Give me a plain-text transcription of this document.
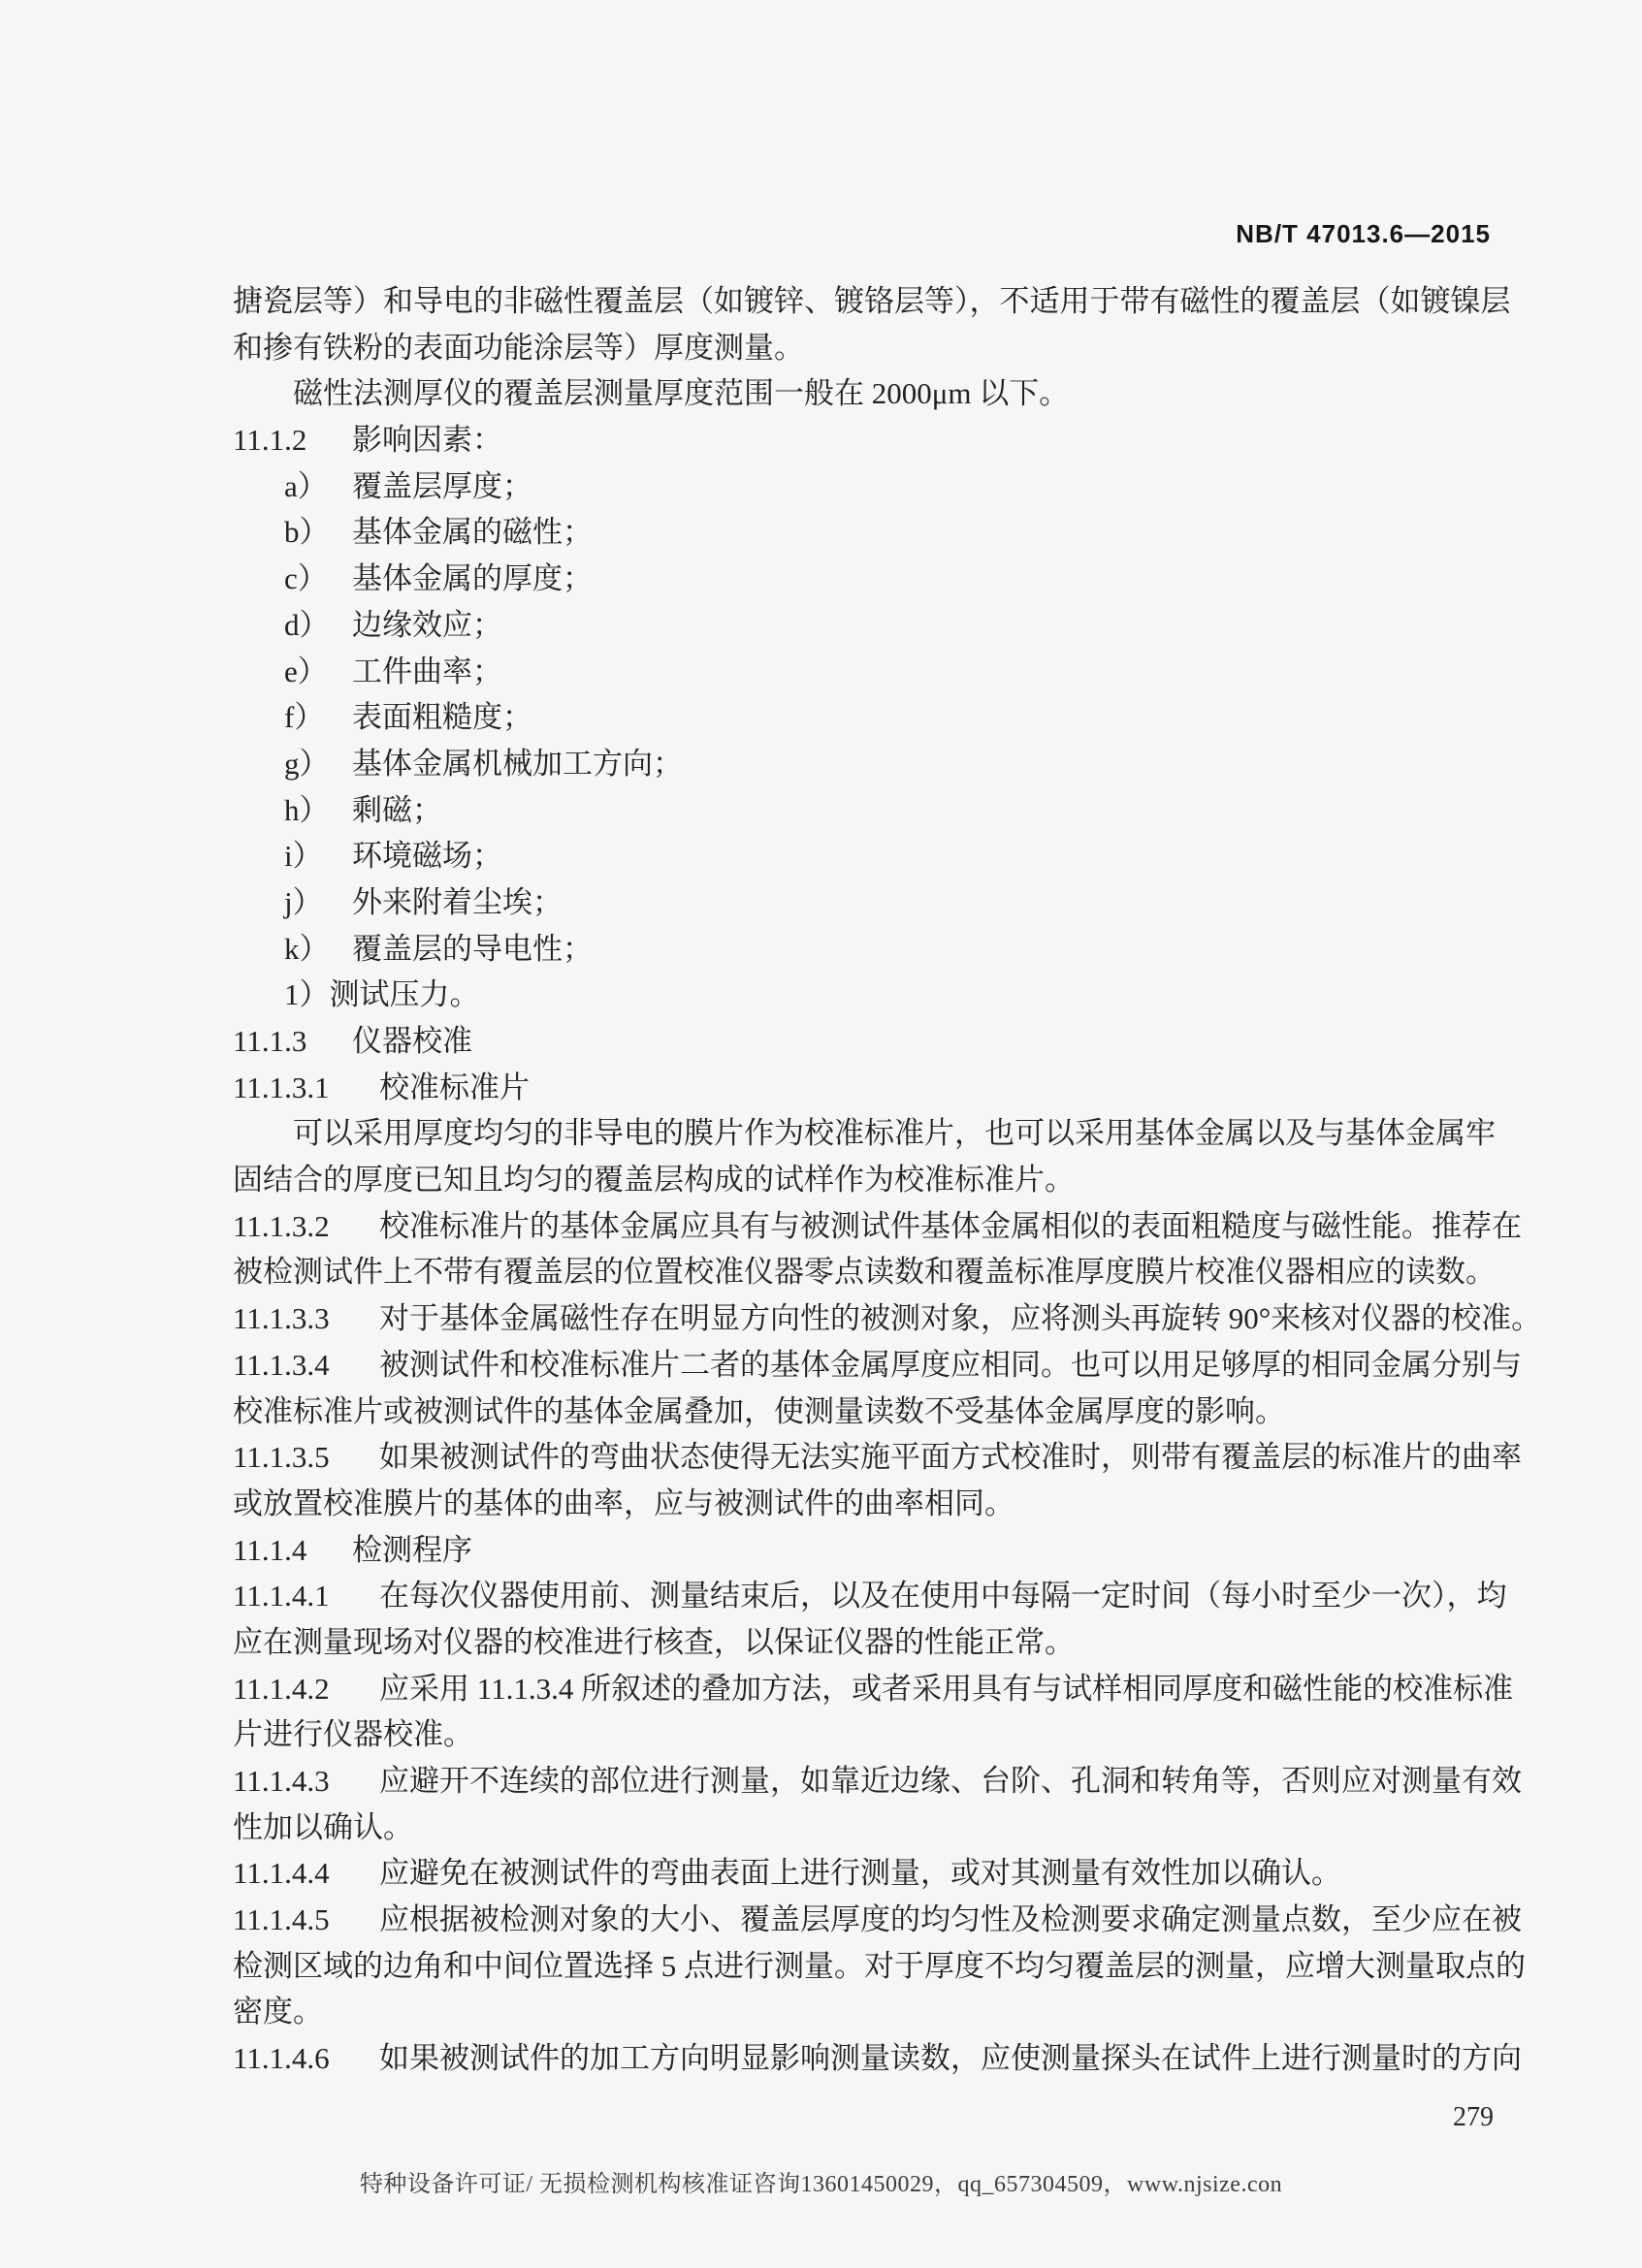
NB/T 47013.6—2015
搪瓷层等）和导电的非磁性覆盖层（如镀锌、镀铬层等），不适用于带有磁性的覆盖层（如镀镍层
和掺有铁粉的表面功能涂层等）厚度测量。
磁性法测厚仪的覆盖层测量厚度范围一般在 2000μm 以下。
11.1.2 影响因素：
a） 覆盖层厚度；
b） 基体金属的磁性；
c） 基体金属的厚度；
d） 边缘效应；
e） 工件曲率；
f） 表面粗糙度；
g） 基体金属机械加工方向；
h） 剩磁；
i） 环境磁场；
j） 外来附着尘埃；
k） 覆盖层的导电性；
1）测试压力。
11.1.3 仪器校准
11.1.3.1 校准标准片
可以采用厚度均匀的非导电的膜片作为校准标准片，也可以采用基体金属以及与基体金属牢
固结合的厚度已知且均匀的覆盖层构成的试样作为校准标准片。
11.1.3.2 校准标准片的基体金属应具有与被测试件基体金属相似的表面粗糙度与磁性能。推荐在
被检测试件上不带有覆盖层的位置校准仪器零点读数和覆盖标准厚度膜片校准仪器相应的读数。
11.1.3.3 对于基体金属磁性存在明显方向性的被测对象，应将测头再旋转 90°来核对仪器的校准。
11.1.3.4 被测试件和校准标准片二者的基体金属厚度应相同。也可以用足够厚的相同金属分别与
校准标准片或被测试件的基体金属叠加，使测量读数不受基体金属厚度的影响。
11.1.3.5 如果被测试件的弯曲状态使得无法实施平面方式校准时，则带有覆盖层的标准片的曲率
或放置校准膜片的基体的曲率，应与被测试件的曲率相同。
11.1.4 检测程序
11.1.4.1 在每次仪器使用前、测量结束后，以及在使用中每隔一定时间（每小时至少一次），均
应在测量现场对仪器的校准进行核查，以保证仪器的性能正常。
11.1.4.2 应采用 11.1.3.4 所叙述的叠加方法，或者采用具有与试样相同厚度和磁性能的校准标准
片进行仪器校准。
11.1.4.3 应避开不连续的部位进行测量，如靠近边缘、台阶、孔洞和转角等，否则应对测量有效
性加以确认。
11.1.4.4 应避免在被测试件的弯曲表面上进行测量，或对其测量有效性加以确认。
11.1.4.5 应根据被检测对象的大小、覆盖层厚度的均匀性及检测要求确定测量点数，至少应在被
检测区域的边角和中间位置选择 5 点进行测量。对于厚度不均匀覆盖层的测量，应增大测量取点的
密度。
11.1.4.6 如果被测试件的加工方向明显影响测量读数，应使测量探头在试件上进行测量时的方向
279
特种设备许可证/ 无损检测机构核准证咨询13601450029，qq_657304509，www.njsize.con
